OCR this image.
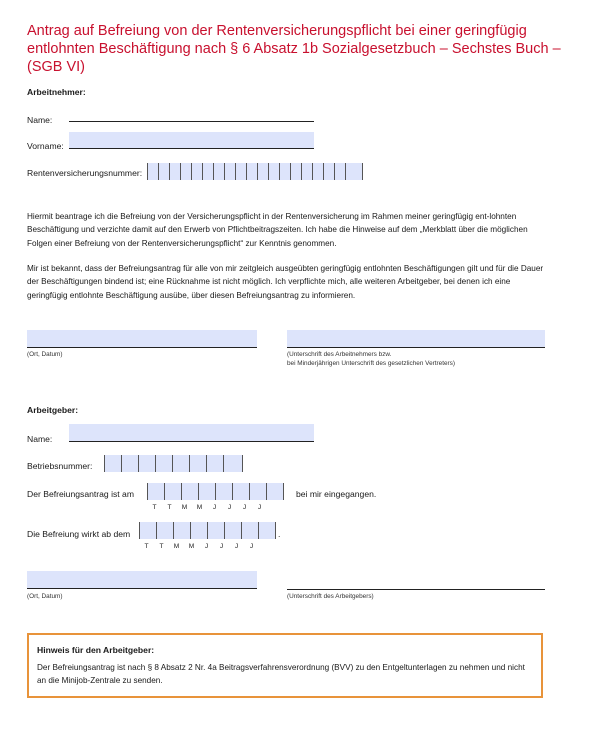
Antrag auf Befreiung von der Rentenversicherungspflicht bei einer geringfügig entlohnten Beschäftigung nach § 6 Absatz 1b Sozialgesetzbuch – Sechstes Buch – (SGB VI)
Arbeitnehmer:
Name:
Vorname:
Rentenversicherungsnummer:

Hiermit beantrage ich die Befreiung von der Versicherungspflicht in der Rentenversicherung im Rahmen meiner geringfügig ent-lohnten Beschäftigung und verzichte damit auf den Erwerb von Pflichtbeitragszeiten. Ich habe die Hinweise auf dem „Merkblatt über die möglichen Folgen einer Befreiung von der Rentenversicherungspflicht“ zur Kenntnis genommen.

Mir ist bekannt, dass der Befreiungsantrag für alle von mir zeitgleich ausgeübten geringfügig entlohnten Beschäftigungen gilt und für die Dauer der Beschäftigungen bindend ist; eine Rücknahme ist nicht möglich. Ich verpflichte mich, alle weiteren Arbeitgeber, bei denen ich eine geringfügig entlohnte Beschäftigung ausübe, über diesen Befreiungsantrag zu informieren.

(Ort, Datum)	(Unterschrift des Arbeitnehmers bzw.
bei Minderjährigen Unterschrift des gesetzlichen Vertreters)
Arbeitgeber:
Name:
Betriebsnummer:
Der Befreiungsantrag ist am	bei mir eingegangen.
T	T	M	M	J	J	J	J
Die Befreiung wirkt ab dem	.
T	T	M	M	J	J	J	J
(Ort, Datum)	(Unterschrift des Arbeitgebers)
Hinweis für den Arbeitgeber:

Der Befreiungsantrag ist nach § 8 Absatz 2 Nr. 4a Beitragsverfahrensverordnung (BVV) zu den Entgeltunterlagen zu nehmen und nicht an die Minijob-Zentrale zu senden.
